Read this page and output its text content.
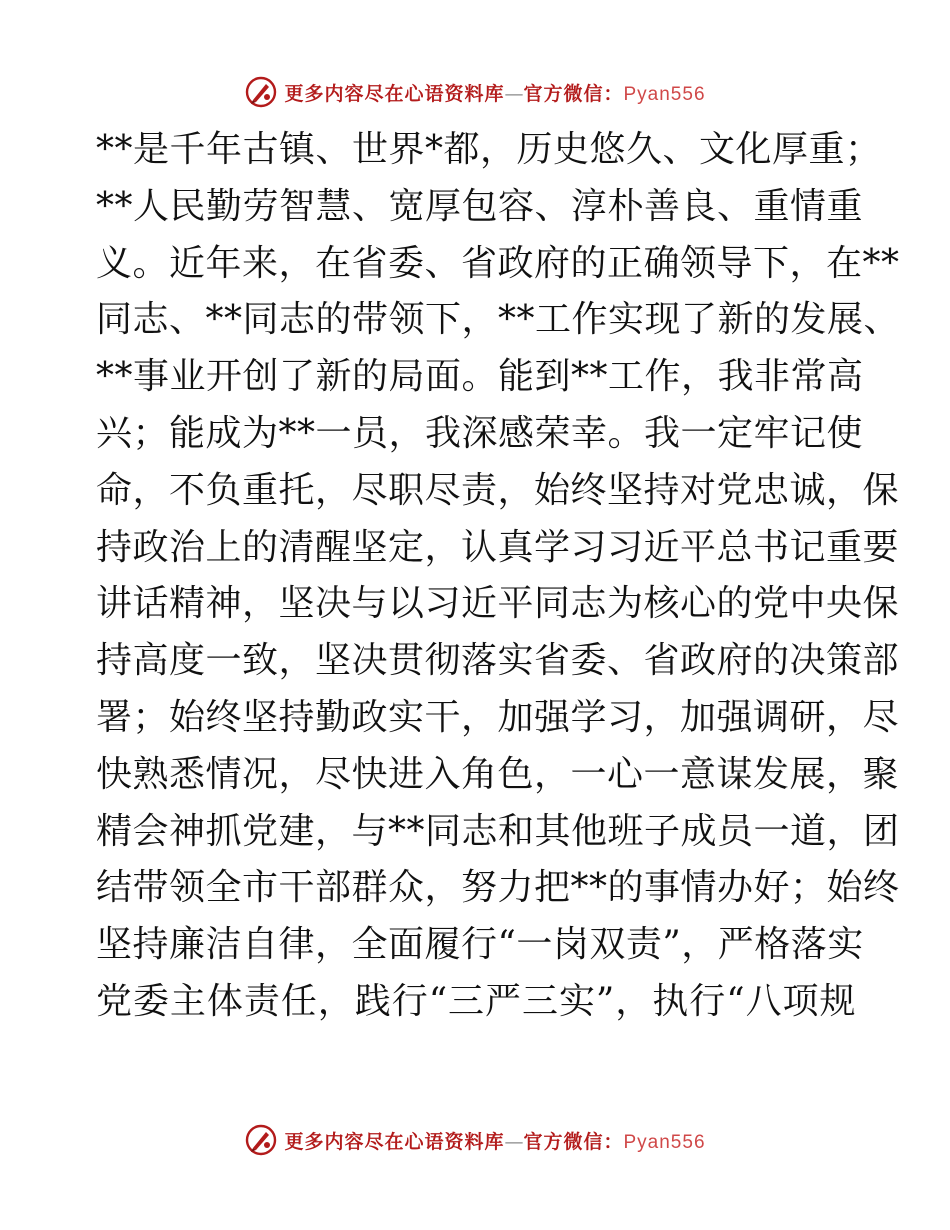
更多内容尽在心语资料库—官方微信：Pyan556
**是千年古镇、世界*都，历史悠久、文化厚重；
**人民勤劳智慧、宽厚包容、淳朴善良、重情重
义。近年来，在省委、省政府的正确领导下，在**
同志、**同志的带领下，**工作实现了新的发展、
**事业开创了新的局面。能到**工作，我非常高
兴；能成为**一员，我深感荣幸。我一定牢记使
命，不负重托，尽职尽责，始终坚持对党忠诚，保
持政治上的清醒坚定，认真学习习近平总书记重要
讲话精神，坚决与以习近平同志为核心的党中央保
持高度一致，坚决贯彻落实省委、省政府的决策部
署；始终坚持勤政实干，加强学习，加强调研，尽
快熟悉情况，尽快进入角色，一心一意谋发展，聚
精会神抓党建，与**同志和其他班子成员一道，团
结带领全市干部群众，努力把**的事情办好；始终
坚持廉洁自律，全面履行“一岗双责”，严格落实
党委主体责任，践行“三严三实”，执行“八项规
更多内容尽在心语资料库—官方微信：Pyan556
